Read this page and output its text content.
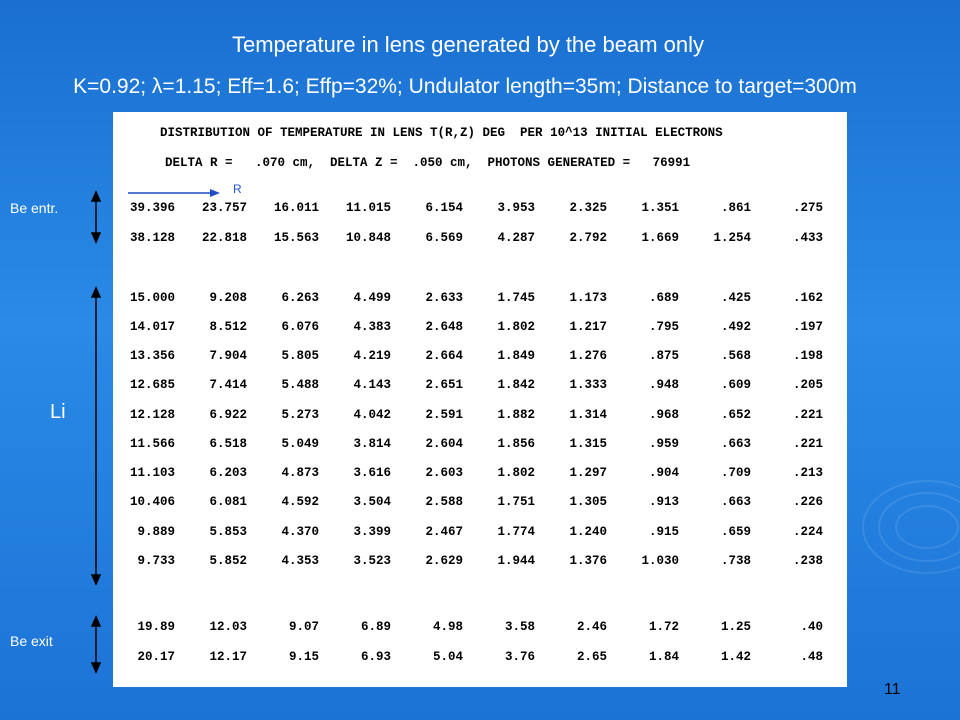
Temperature in lens generated by the beam only
K=0.92; λ=1.15; Eff=1.6; Effp=32%; Undulator length=35m; Distance to target=300m
DISTRIBUTION OF TEMPERATURE IN LENS T(R,Z) DEG  PER 10^13 INITIAL ELECTRONS
DELTA R =   .070 cm,  DELTA Z =  .050 cm,  PHOTONS GENERATED =   76991
39.396	23.757	16.011	11.015	6.154	3.953	2.325	1.351	.861	.275
38.128	22.818	15.563	10.848	6.569	4.287	2.792	1.669	1.254	.433
15.000	9.208	6.263	4.499	2.633	1.745	1.173	.689	.425	.162
14.017	8.512	6.076	4.383	2.648	1.802	1.217	.795	.492	.197
13.356	7.904	5.805	4.219	2.664	1.849	1.276	.875	.568	.198
12.685	7.414	5.488	4.143	2.651	1.842	1.333	.948	.609	.205
12.128	6.922	5.273	4.042	2.591	1.882	1.314	.968	.652	.221
11.566	6.518	5.049	3.814	2.604	1.856	1.315	.959	.663	.221
11.103	6.203	4.873	3.616	2.603	1.802	1.297	.904	.709	.213
10.406	6.081	4.592	3.504	2.588	1.751	1.305	.913	.663	.226
9.889	5.853	4.370	3.399	2.467	1.774	1.240	.915	.659	.224
9.733	5.852	4.353	3.523	2.629	1.944	1.376	1.030	.738	.238
19.89	12.03	9.07	6.89	4.98	3.58	2.46	1.72	1.25	.40
20.17	12.17	9.15	6.93	5.04	3.76	2.65	1.84	1.42	.48
R
Be entr.
Li
Be exit
11
